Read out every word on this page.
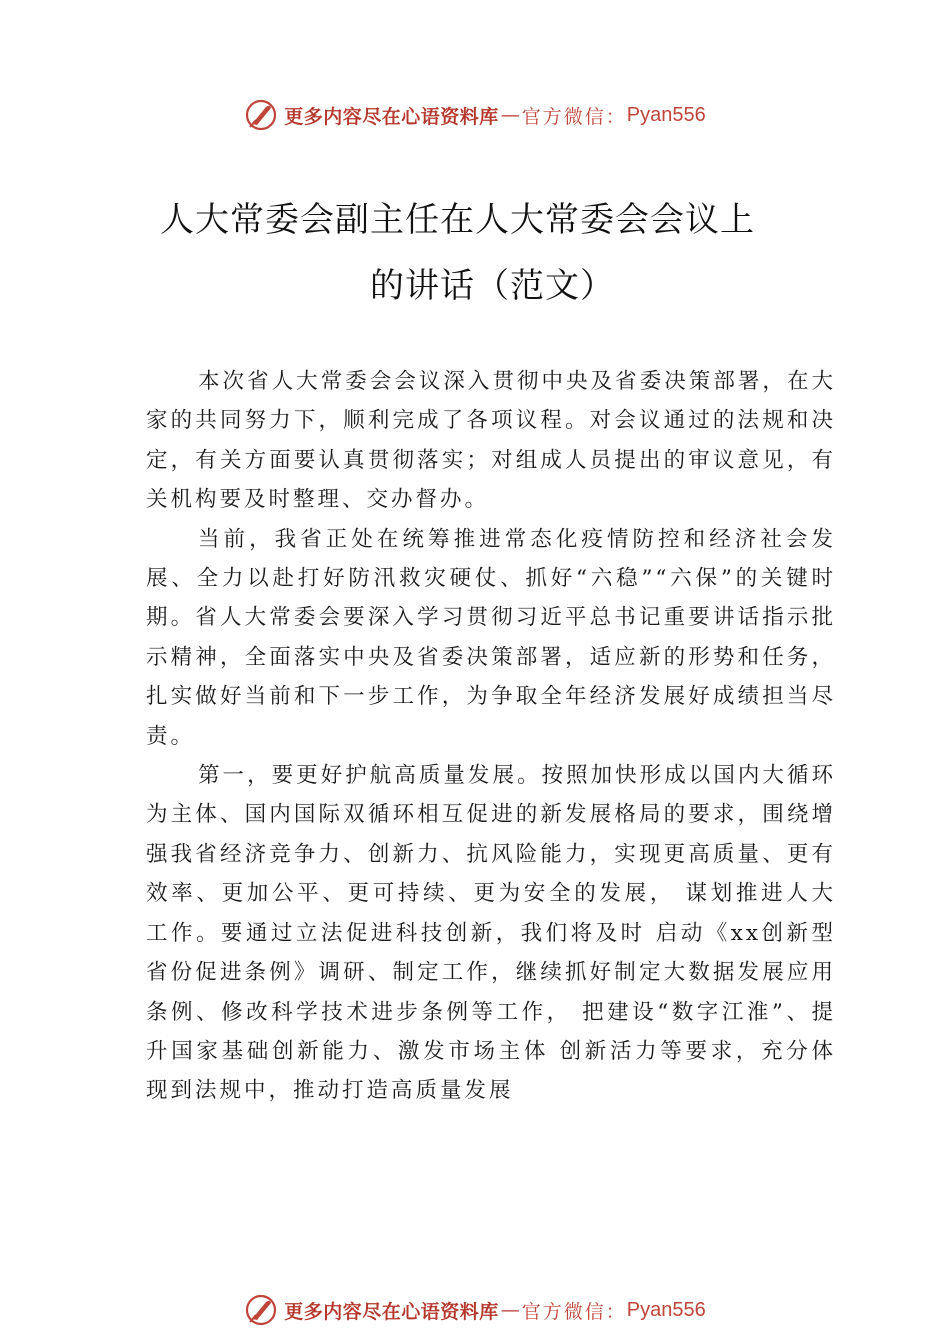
更多内容尽在心语资料库 — 官方微信： Pyan556
人大常委会副主任在人大常委会会议上
的讲话（范文）

本次省人大常委会会议深入贯彻中央及省委决策部署，在大家的共同努力下，顺利完成了各项议程。对会议通过的法规和决定，有关方面要认真贯彻落实；对组成人员提出的审议意见，有关机构要及时整理、交办督办。

当前，我省正处在统筹推进常态化疫情防控和经济社会发展、全力以赴打好防汛救灾硬仗、抓好“六稳”“六保”的关键时期。省人大常委会要深入学习贯彻习近平总书记重要讲话指示批示精神，全面落实中央及省委决策部署，适应新的形势和任务，扎实做好当前和下一步工作，为争取全年经济发展好成绩担当尽责。

第一，要更好护航高质量发展。按照加快形成以国内大循环为主体、国内国际双循环相互促进的新发展格局的要求，围绕增强我省经济竞争力、创新力、抗风险能力，实现更高质量、更有效率、更加公平、更可持续、更为安全的发展， 谋划推进人大工作。要通过立法促进科技创新，我们将及时 启动《xx创新型省份促进条例》调研、制定工作，继续抓好制定大数据发展应用条例、修改科学技术进步条例等工作， 把建设“数字江淮”、提升国家基础创新能力、激发市场主体 创新活力等要求，充分体现到法规中，推动打造高质量发展

更多内容尽在心语资料库 — 官方微信： Pyan556
